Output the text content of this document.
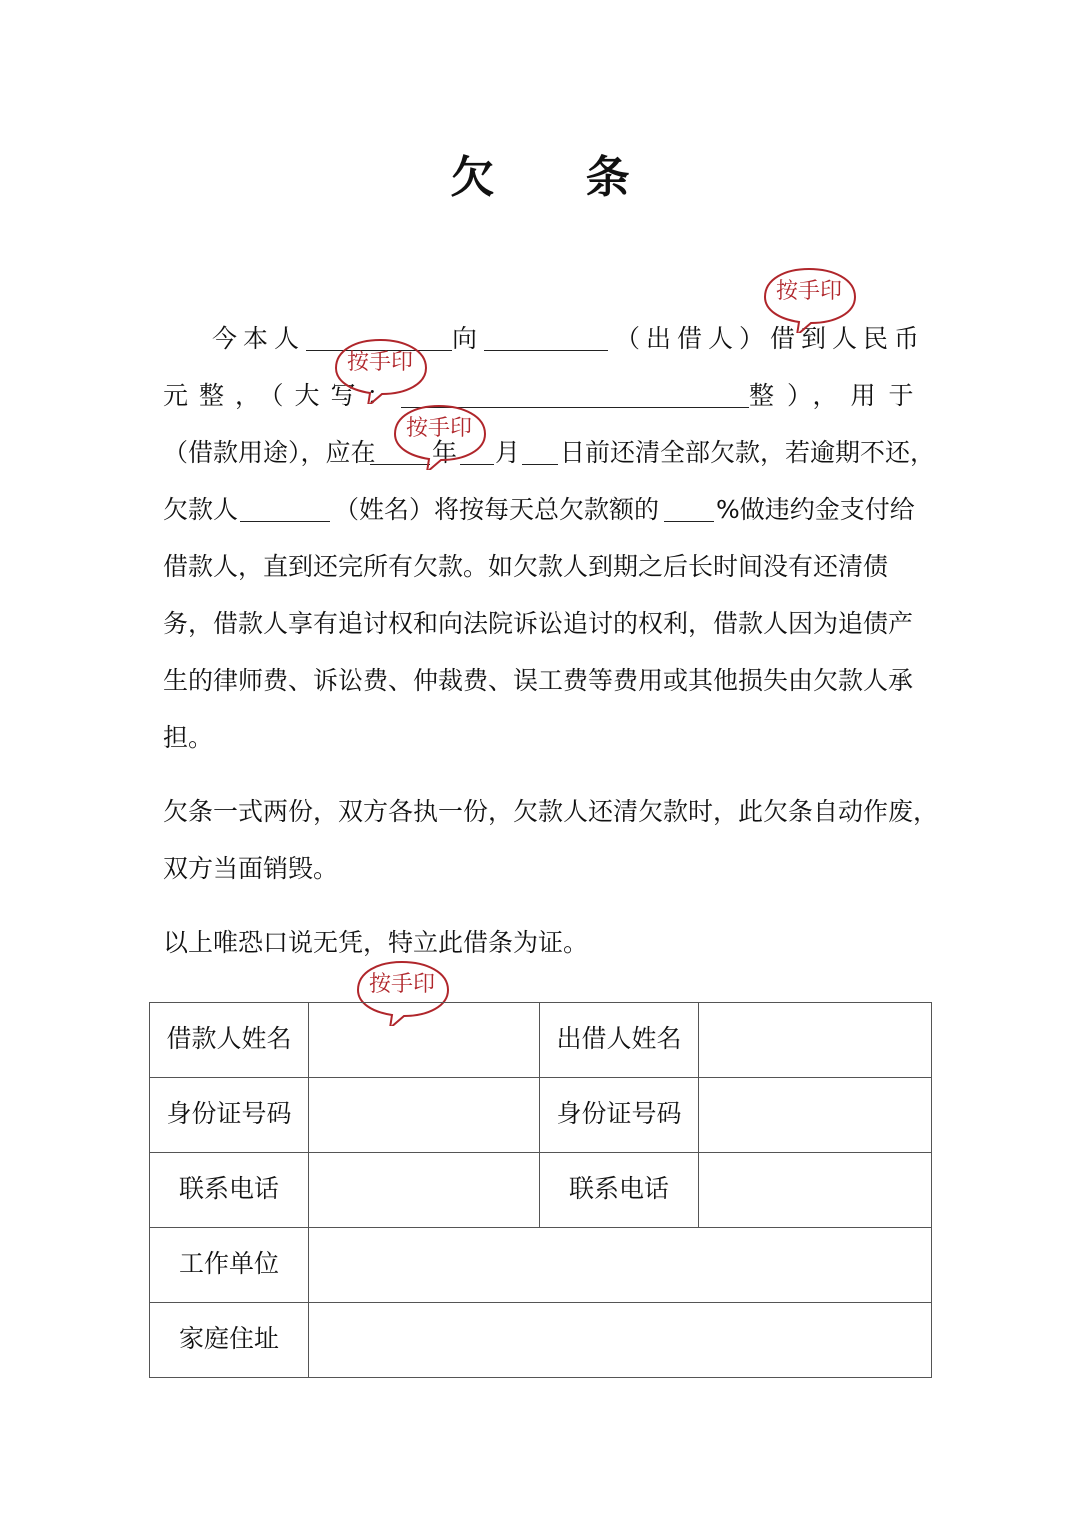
欠 条
今本人	向	（出借人）借到人民币
元整，（大写：	整），用于
（借款用途），应在 年 月 日前还清全部欠款，若逾期不还，
欠款人	（姓名）将按每天总欠款额的 %做违约金支付给
借款人，直到还完所有欠款。如欠款人到期之后长时间没有还清债
务，借款人享有追讨权和向法院诉讼追讨的权利，借款人因为追债产
生的律师费、诉讼费、仲裁费、误工费等费用或其他损失由欠款人承
担。
欠条一式两份，双方各执一份，欠款人还清欠款时，此欠条自动作废，
双方当面销毁。
以上唯恐口说无凭，特立此借条为证。
按手印
按手印
按手印
按手印
借款人姓名		出借人姓名	

身份证号码		身份证号码	

联系电话		联系电话	

工作单位			

家庭住址			
